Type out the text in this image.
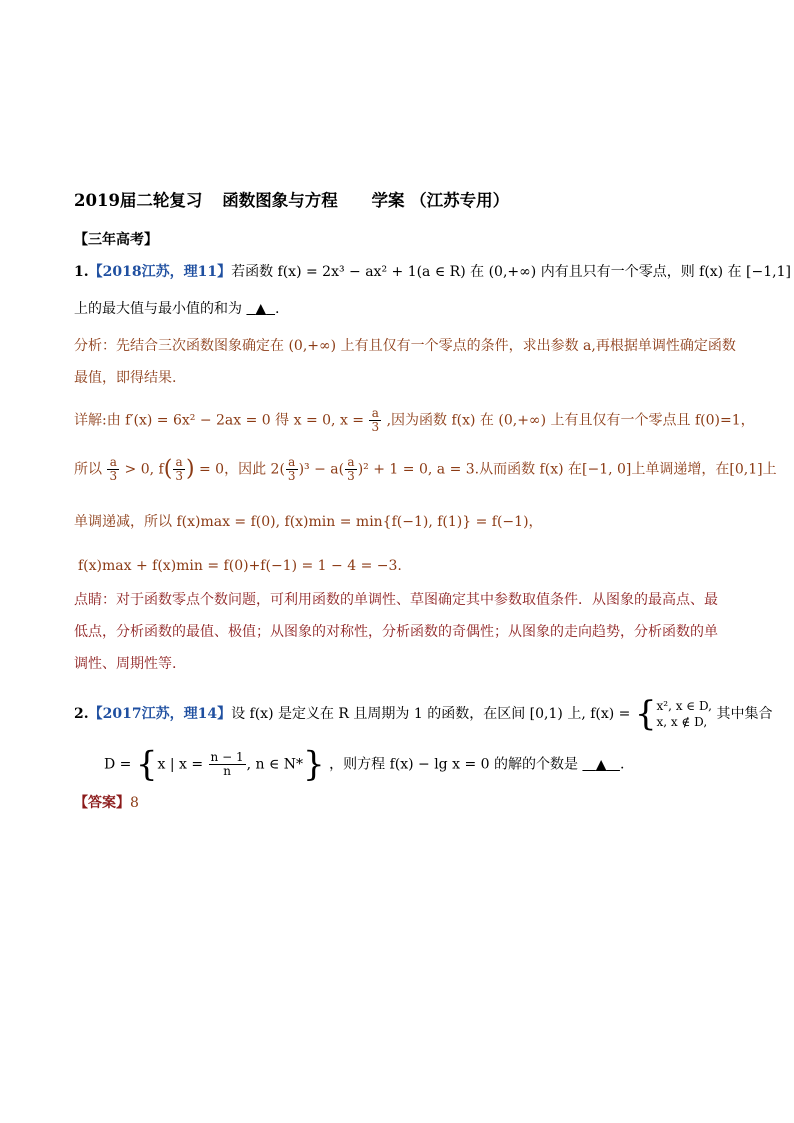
2019届二轮复习 函数图象与方程 学案 （江苏专用）
【三年高考】
1.【2018江苏，理11】若函数 f(x) = 2x³ − ax² + 1(a ∈ R) 在 (0,+∞) 内有且只有一个零点，则 f(x) 在 [−1,1]
上的最大值与最小值的和为 ▲ .
分析：先结合三次函数图象确定在 (0,+∞) 上有且仅有一个零点的条件，求出参数 a,再根据单调性确定函数
最值，即得结果.
详解:由 f′(x) = 6x² − 2ax = 0 得 x = 0, $x = \frac{a}{3}$ ,因为函数 f(x) 在 (0,+∞) 上有且仅有一个零点且 f(0)=1，
所以 $\frac{a}{3} > 0$, $f( \frac{a}{3}$ ) = 0，因此 $2( \frac{a}{3} )^3 - a( \frac{a}{3} )^2 + 1 = 0$, a = 3.从而函数 f(x) 在[−1, 0]上单调递增，在[0,1]上
单调递减，所以 f(x)max = f(0), f(x)min = min{f(−1), f(1)} = f(−1)，
f(x)max + f(x)min = f(0)+f(−1) = 1 − 4 = −3.
点睛：对于函数零点个数问题，可利用函数的单调性、草图确定其中参数取值条件．从图象的最高点、最
低点，分析函数的最值、极值；从图象的对称性，分析函数的奇偶性；从图象的走向趋势，分析函数的单
调性、周期性等.
2.【2017江苏，理14】设 f(x) 是定义在 R 且周期为 1 的函数，在区间 [0,1) 上, f(x) = { x², x ∈ D,
x, x ∉ D, 其中集合
D = {x | $x = \frac{n - 1}{n}$ , n ∈ N*} ，则方程 f(x) − lg x = 0 的解的个数是 ▲ .
【答案】8
